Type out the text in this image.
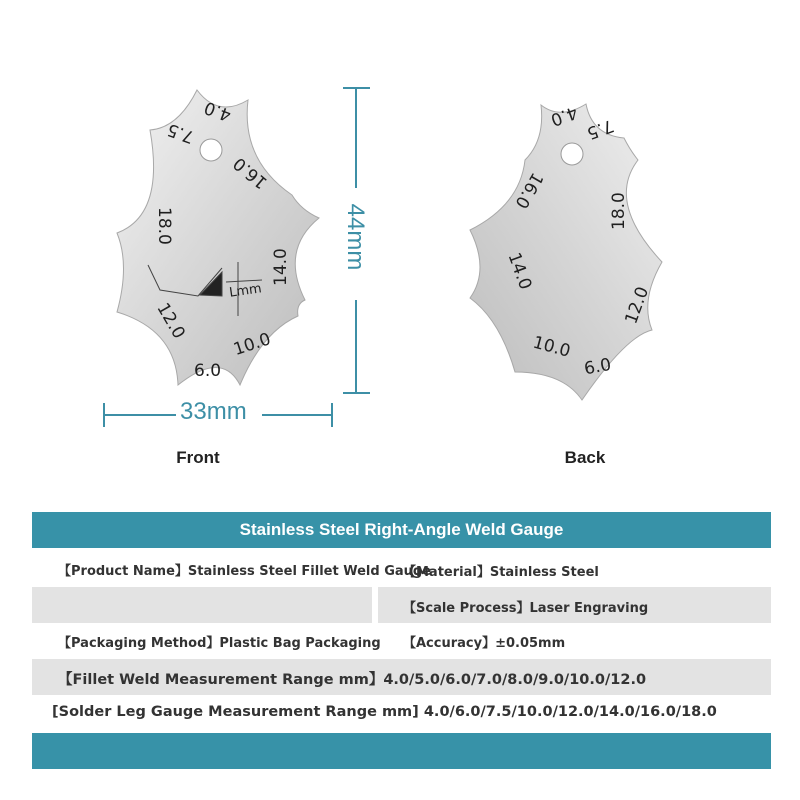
4.0
7.5
16.0
18.0
14.0
12.0
10.0
6.0
Lmm
4.0 7.5
16.0	18.0
14.0
12.0
10.0
6.0
33mm
44mm
Front	Back
Stainless Steel Right-Angle Weld Gauge
【Product Name】Stainless Steel Fillet Weld Gauge
【Material】Stainless Steel
【Scale Process】Laser Engraving
【Packaging Method】Plastic Bag Packaging 【Accuracy】±0.05mm
【Fillet Weld Measurement Range mm】4.0/5.0/6.0/7.0/8.0/9.0/10.0/12.0
[Solder Leg Gauge Measurement Range mm] 4.0/6.0/7.5/10.0/12.0/14.0/16.0/18.0
